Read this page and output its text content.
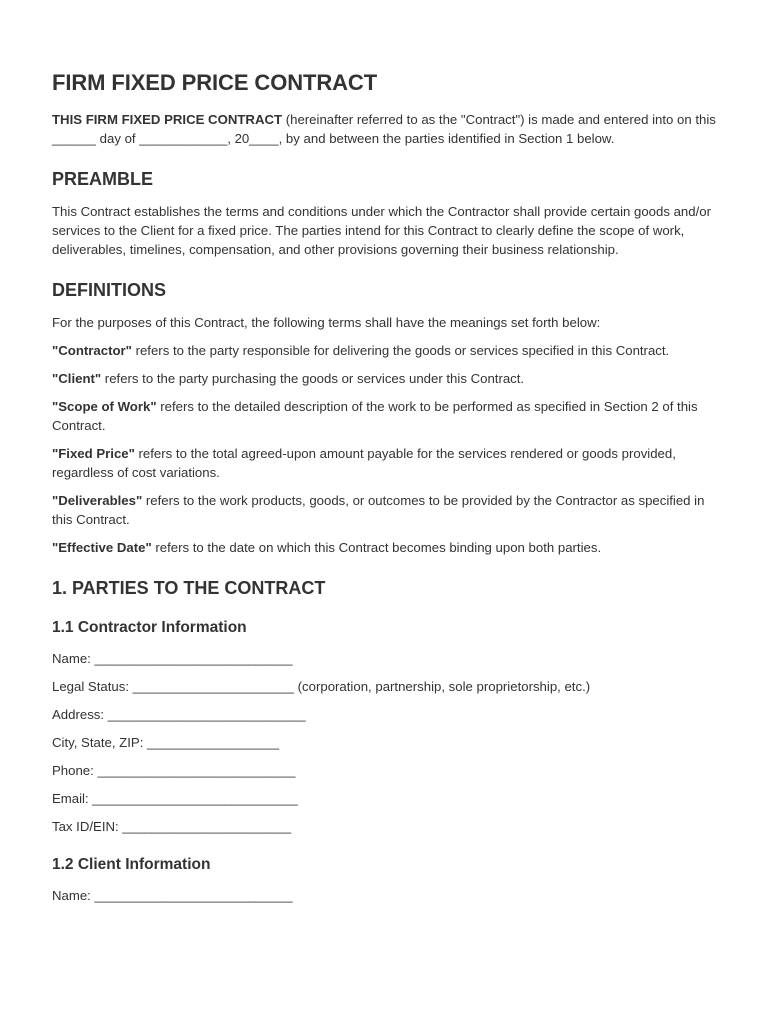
FIRM FIXED PRICE CONTRACT

THIS FIRM FIXED PRICE CONTRACT (hereinafter referred to as the "Contract") is made and entered into on this ______ day of ____________, 20____, by and between the parties identified in Section 1 below.

PREAMBLE

This Contract establishes the terms and conditions under which the Contractor shall provide certain goods and/or services to the Client for a fixed price. The parties intend for this Contract to clearly define the scope of work, deliverables, timelines, compensation, and other provisions governing their business relationship.

DEFINITIONS

For the purposes of this Contract, the following terms shall have the meanings set forth below:

"Contractor" refers to the party responsible for delivering the goods or services specified in this Contract.

"Client" refers to the party purchasing the goods or services under this Contract.

"Scope of Work" refers to the detailed description of the work to be performed as specified in Section 2 of this Contract.

"Fixed Price" refers to the total agreed-upon amount payable for the services rendered or goods provided, regardless of cost variations.

"Deliverables" refers to the work products, goods, or outcomes to be provided by the Contractor as specified in this Contract.

"Effective Date" refers to the date on which this Contract becomes binding upon both parties.

1. PARTIES TO THE CONTRACT
1.1 Contractor Information
Name: ___________________________
Legal Status: ______________________ (corporation, partnership, sole proprietorship, etc.)
Address: ___________________________
City, State, ZIP: __________________
Phone: ___________________________
Email: ____________________________
Tax ID/EIN: _______________________
1.2 Client Information
Name: ___________________________
